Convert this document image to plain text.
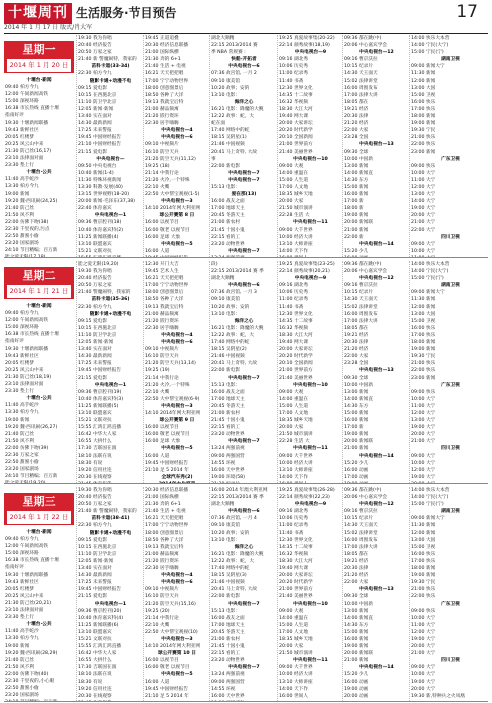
十堰周刊 生活服务·节目预告	17
2014 年 1 月 17 日 版式/肖大军
星期一
2014 年 1 月 20 日
十堰台·新闻
09:40 柏方今九
12:00 午间新闻高铁
15:00 深视环路
16:38 市长热线 直播十堰
指南好评
19:30 十堰新闻联播
19:43 新鲜社区
20:05 红楼梦
20:25 风云山中来
21:30 防己丝(16,17)
23:10 法律面对面
23:30 垫上行
十堰台·公共
11:40 高手蛇沙
13:30 柏方今九
19:00 新闻
19:20 魏·西讯闹(24,25)
21:40 防己丝
21:50 风不利
22:00 仿佛下吻(38)
22:30 千里夜的,污点
22:50 甜蜜小偷
23:20 国家剧场
24:10 节目精编；百万新
19:30 我为你唱
20:40 经济报告
20:50 万家之家
21:40 新 警魔闹特，我家的
苗科卡道(33-34)
22:30 柏方今九
随影卡通+动漫不电
09:15 爱电影
10:15 在西施北京
11:10 防卫学北京
12:05 新闻·新闻
13:40 实在面对
14:30 最新新闻
17:25 未来警报
19:45 中国财经报告
21:10 中国财经报告
21:15 爱电影
中央电视台—
09:50 中央电视台
10:40 新闻(1-4)
11:30 特殊环视新闻
13:30 科教·发展(40)
13:15 世界视野(18-20)
20:00 新闻·毛泽东(37,38)
22:40 体育嘉宾
中央电视台—1
09:36 曹京腔刊(18)
10:40 体育嘉宾特(2)
11:25 新闻联播(4)
13:10 联盟嘉宾
15:21 文联对抗
19:45 正道追叠
20:30 经济信息联播
21:00 国际纵横
21:30 奔的 6+1
21:40 生活 + 电视
16:21 天天把把唱
17:00 宁宁动物世界
18:00 创意图景后
18:50 各种了大洋
19:13 我就宝后特
21:00 赫品频寓
21:20 嵌行资环
22:30 居手嗨嗨
中央电视台—4
中央电视台—6
09:10 中视频片
16:10 防空天兵
21:20 防空天兵(11,12)
19:25 (18)
21:14 中我行论
21:20 火冷,一个特殊
22:10 火鹰
22:50 大中帮宝观视(1-5)
中央电视台—3
14:10 2014年网大利亚网
球公开赛第 8 日
16:00 以视节目
16:00 敬老 以视节目
16:00 足球 大象
中央电视台—5
16:00 人道
湖北大顺精
22:15 2013/2014 赛
季 NBA 常规赛 :
快船-开拓者
中央电视台—6
07:36 故宫馆, 一月 2
09:10 康美馆
10:20 故事；安的
13:10 电影：
海洋之心
16:21 电影：降魔的大腕
12:22 故事：蛇，大
蛇在面
17:40 网络中的蛇
18:15 吴阴星(1)
21:46 中国视频
20:41 马上奇特, 大故
事
22:00 新电影
中央电视台—7
中央电视台—7
15:13 电影：
爱在那(13)
16:00 战友之面
17:00 地球天主
20:45 冬游天主
21:00 新农村
21:45 十国小鬼
22:15 看的工
23:20 动物世界
中央电视台—7
19:25 真爱故事集(20-22)
22:14 颜秀故事(18,19)
中央电视台—9
09:16 湖北秀
10:06 历史秀
11:00 纪录秀
11:40 书斋
12:30 世界文化
14:35 十二故事
16:32 华视频
18:30 大江大河
19:40 网大课
20:00 大家讲坛
20:20 时代新学
20:10 全国新闻
21:00 世界前方
21:40 美丽世界
中央电视台—10
09:00 大观
14:00 重温在
15:00 人生道
17:00 人文地
18:35 城乡天地
20:00 大家
21:50 城市演讲
22:28 生活 大
中央电视台—11
09:00 大千世界
10:00 经济大讲
13:10 大师讲座
14:00 天下作
09:36 都在跳(中)
20:06 中心嘉宾学会
中央电视台—12
09:16 曹京沃拉
10:15 纪录片
14:30 天王面天
15:02 法律讲堂
16:00 周围发布
17:00 法律大讲
18:05 都在
19:21 经济
20:30 法律
21:20 经济
22:00 大家
23:28 全国
中央电视台—13
09:30 全球
10:00 中国新
13:00 新闻
14:00 新闻直
14:30 东方
15:00 新闻
16:00 新闻
17:00 新
18:00 新
19:00 新闻
20:00 新闻联
21:00 新闻
22:00 新
中央电视台—14
15:20 少儿
14:00 快乐大本营
14:00 宁民(大宁)
15:00 宁民(宁)
湖南卫视
09:00 新闻大宁
11:30 新闻
12:00 新闻
13:00 大国
15:00 卫视
16:00 快乐
17:00 快乐
18:00 新闻
19:00 新闻
19:30 宁民
21:00 快乐
22:00 快乐
23:00 新闻
广东卫视
09:00 快乐
10:00 大宁
11:00 大宁
12:00 大宁
13:00 大宁
14:00 大宁
19:00 大宁
20:00 大宁
21:00 大宁
22:00 大宁
四川卫视
09:00 大宁
10:00 大宁
星期二
2014 年 1 月 21 日
十堰台·新闻
09:40 柏方今九
12:00 午间新闻高铁
15:00 深视环路
16:38 市长热线 直播十堰
指南好评
19:30 十堰新闻联播
19:43 新鲜社区
20:05 红楼梦
20:25 风云山中来
21:30 防己丝(18,19)
23:10 法律面对面
23:30 垫上行
十堰台·公共
11:40 高手蛇沙
13:30 柏方今九
19:00 新闻
19:20 魏·西讯闹(26,27)
21:40 防己丝
21:50 风不利
22:00 仿佛下吻(39)
22:30 万家之家
22:50 甜蜜小偷
23:20 国家剧场
24:10 节目精编；百万新
能之爱无限(19,20)
19:30 我为你唱
20:40 经济报告
20:50 万家之家
21:40 警魔闹特，我家的
苗科卡道(35-36)
22:30 柏方今九
随影卡通+动漫不电
09:15 爱电影
10:15 在西施北京
11:10 防卫学北京
12:05 新闻·新闻
13:40 实在面对
14:30 最新新闻
17:25 未来警报
19:45 中国财经报告
21:15 爱电影
中央电视台—1
09:36 曹京腔刊(19)
10:40 体育嘉宾特(3)
11:25 新闻联播(5)
13:10 联盟嘉宾
15:21 文联对抗
15:55 汇鸿汇鸿直播
16:42 中华大人家
16:55 大拼什么
17:30 吉联国在演
18:10 法联在说
18:30 有说
19:20 信用社连
20:30 在线观察
12:30 开门大吉
19:45 艺术人生
16:21 天天把把唱
17:00 宁宁动物世界
18:00 创意图景后
18:50 各种了大洋
19:13 我就宝后特
21:00 赫品频寓
21:20 嵌行资环
22:30 居手嗨嗨
中央电视台—4
中央电视台—6
09:10 中视频片
16:10 防空天兵
21:20 防空天兵(13,14)
19:25 (19)
21:14 中我行论
21:20 火冷,一个特殊
22:10 火鹰
22:50 大中帮宝观视(6-9)
中央电视台—3
14:10 2014年网大利亚网
球公开赛第 9 日
16:00 以视节目
16:00 敬老 以视节目
16:00 足球 大象
中央电视台—5
16:00 人道
19:45 中国财经报告
21:10 足 5 2014 年
全球汽车秀(2)
段)
22:15 2013/2014 赛 季
湖北大顺精
中央电视台—6
07:36 故宫馆, 一月 3
09:10 康美馆
10:20 故事；安的
13:10 电影：
海洋之心
16:21 电影：降魔的大腕
12:22 故事：蛇，大
17:40 网络中的蛇
18:15 吴阴星(2)
21:46 中国视频
20:41 马上奇特, 大故
22:00 新电影
中央电视台—7
15:13 电影：
16:00 战友之面
17:00 地球天主
20:45 冬游天主
21:00 新农村
21:45 十国小鬼
22:15 看的工
23:20 动物世界
中央电视台—7
13:24 两强前视
09:00 两强国营
14:55 环视
16:00 天中世界
19:00 环境(58)
19:25 真爱故事集(23-25)
22:14 颜秀故事(20,21)
中央电视台—9
09:16 湖北秀
10:06 历史秀
11:00 纪录秀
11:40 书斋
12:30 世界文化
14:35 十二故事
16:32 华视频
18:30 大江大河
19:40 网大课
20:00 大家讲坛
20:20 时代新学
20:10 全国新闻
21:00 世界前方
21:40 美丽世界
中央电视台—10
09:00 大观
14:00 重温在
15:00 人生道
17:00 人文地
18:35 城乡天地
20:00 大家
21:50 城市演讲
22:28 生活 大
中央电视台—11
09:00 大千世界
10:00 经济大讲
13:10 大师讲座
14:00 天下作
09:36 都在跳(中)
20:06 中心嘉宾学会
中央电视台—12
09:16 曹京沃拉
10:15 纪录片
14:30 天王面天
15:02 法律讲堂
16:00 周围发布
17:00 法律大讲
18:05 都在
19:21 经济
20:30 法律
21:20 经济
22:00 大家
23:28 全国
中央电视台—13
09:30 全球
10:00 中国新
13:00 新闻
14:00 新闻直
14:30 东方
15:00 新闻
16:00 新闻
17:00 新
19:00 新闻
20:00 新闻联
21:00 新闻
中央电视台—14
15:20 少儿
16:00 动画
17:00 动画
14:00 快乐大本营
14:00 宁民(大宁)
15:00 宁民(宁)
湖南卫视
09:00 新闻大宁
11:30 新闻
12:00 新闻
13:00 大国
15:00 卫视
16:00 快乐
17:00 快乐
18:00 新闻
19:00 新闻
19:30 宁民
21:00 快乐
22:00 快乐
23:00 新闻
广东卫视
09:00 快乐
10:00 大宁
11:00 大宁
12:00 大宁
13:00 大宁
19:00 大宁
20:00 大宁
21:00 大宁
四川卫视
09:00 大宁
10:00 大宁
12:00 大宁
19:00 大宁
星期三
2014 年 1 月 22 日
十堰台·新闻
09:40 柏方今九
12:00 午间新闻高铁
15:00 深视环路
16:38 市长热线 直播十堰
指南好评
19:30 十堰新闻联播
19:43 新鲜社区
20:05 红楼梦
20:25 风云山中来
21:30 防己丝(20,21)
23:10 法律面对面
23:30 垫上行
十堰台·公共
11:40 高手蛇沙
13:30 柏方今九
19:00 新闻
19:20 魏·西讯闹(28,29)
21:40 防己丝
21:50 风不利
22:00 仿佛下吻(40)
22:30 千里夜的,小心眼
22:50 甜蜜小偷
23:20 国家剧场
19:30 我为你唱
20:40 经济报告
20:50 万家之家
21:40 新 警魔闹特，我家的
苗科卡道(38-41)
22:30 柏方今九
随影卡通+动漫不电
09:15 爱电影
10:15 在西施北京
11:10 防卫学北京
12:05 新闻·新闻
13:40 实在面对
14:30 最新新闻
17:25 未来警报
19:45 中国财经报告
21:15 爱电影
中央电视台—1
09:36 曹京腔刊(20)
10:40 体育嘉宾特(4)
11:25 新闻联播(6)
13:10 联盟嘉宾
15:21 文联对抗
15:55 汇鸿汇鸿直播
16:42 中华大人家
16:55 大拼什么
17:30 吉联国在演
18:10 法联在说
18:30 有说
19:20 信用社连
20:30 在线观察
20:30 经济信息联播
21:00 国际纵横
21:30 奔的 6+1
21:40 生活 + 电视
16:21 天天把把唱
17:00 宁宁动物世界
18:00 创意图景后
18:50 各种了大洋
19:13 我就宝后特
21:00 赫品频寓
21:20 嵌行资环
22:30 居手嗨嗨
中央电视台—4
中央电视台—6
09:10 中视频片
16:10 防空天兵
21:20 防空天兵(15,16)
19:25 (20)
21:14 中我行论
22:10 火鹰
22:50 大中帮宝观视(10)
中央电视台—3
14:10 2014年网大利亚网
球公开赛第 10 日
16:00 以视节目
16:00 敬老 以视节目
中央电视台—5
16:00 人道
19:45 中国财经报告
21:10 足 5 2014 年
16:00 2014 年澳大利亚网
22:15 2013/2014 赛 季
湖北大顺精
中央电视台—6
07:36 故宫馆, 一月 4
09:10 康美馆
10:20 故事；安的
13:10 电影：
海洋之心
16:21 电影：降魔的大腕
12:22 故事：蛇，大
17:40 网络中的蛇
18:15 吴阴星(3)
21:46 中国视频
20:41 马上奇特, 大故
22:00 新电影
中央电视台—7
15:13 电影：
16:00 战友之面
17:00 地球天主
20:45 冬游天主
21:00 新农村
21:45 十国小鬼
22:15 看的工
23:20 动物世界
中央电视台—7
13:24 两强前视
09:00 两强国营
14:55 环视
16:00 天中世界
19:25 真爱故事集(26-28)
22:14 颜秀故事(22,23)
中央电视台—9
09:16 湖北秀
10:06 历史秀
11:00 纪录秀
11:40 书斋
12:30 世界文化
14:35 十二故事
16:32 华视频
18:30 大江大河
19:40 网大课
20:00 大家讲坛
20:20 时代新学
21:00 世界前方
21:40 美丽世界
中央电视台—10
09:00 大观
14:00 重温在
15:00 人生道
17:00 人文地
18:35 城乡天地
20:00 大家
21:50 城市演讲
中央电视台—11
09:00 大千世界
10:00 经济大讲
13:10 大师讲座
14:00 天下作
16:00 世间人
09:36 都在跳(中)
20:06 中心嘉宾学会
中央电视台—12
09:16 曹京沃拉
10:15 纪录片
14:30 天王面天
15:02 法律讲堂
16:00 周围发布
17:00 法律大讲
18:05 都在
19:21 经济
20:30 法律
21:20 经济
22:00 大家
中央电视台—13
09:30 全球
10:00 中国新
13:00 新闻
14:00 新闻直
14:30 东方
15:00 新闻
16:00 新闻
19:00 新闻
20:00 新闻联
21:00 新闻
中央电视台—14
15:20 少儿
16:00 动画
19:00 动画
20:00 动画
14:00 快乐大本营
14:00 宁民(大宁)
15:00 宁民(宁)
湖南卫视
09:00 新闻大宁
11:30 新闻
12:00 新闻
13:00 大国
15:00 卫视
16:00 快乐
17:00 快乐
18:00 新闻
19:00 新闻
19:30 宁民
21:00 快乐
22:00 快乐
广东卫视
09:00 快乐
10:00 大宁
11:00 大宁
12:00 大宁
19:00 大宁
20:00 大宁
21:00 大宁
四川卫视
09:00 大宁
10:00 大宁
19:00 大宁
20:00 大宁
19:30 新,特种兵之火凤凰
